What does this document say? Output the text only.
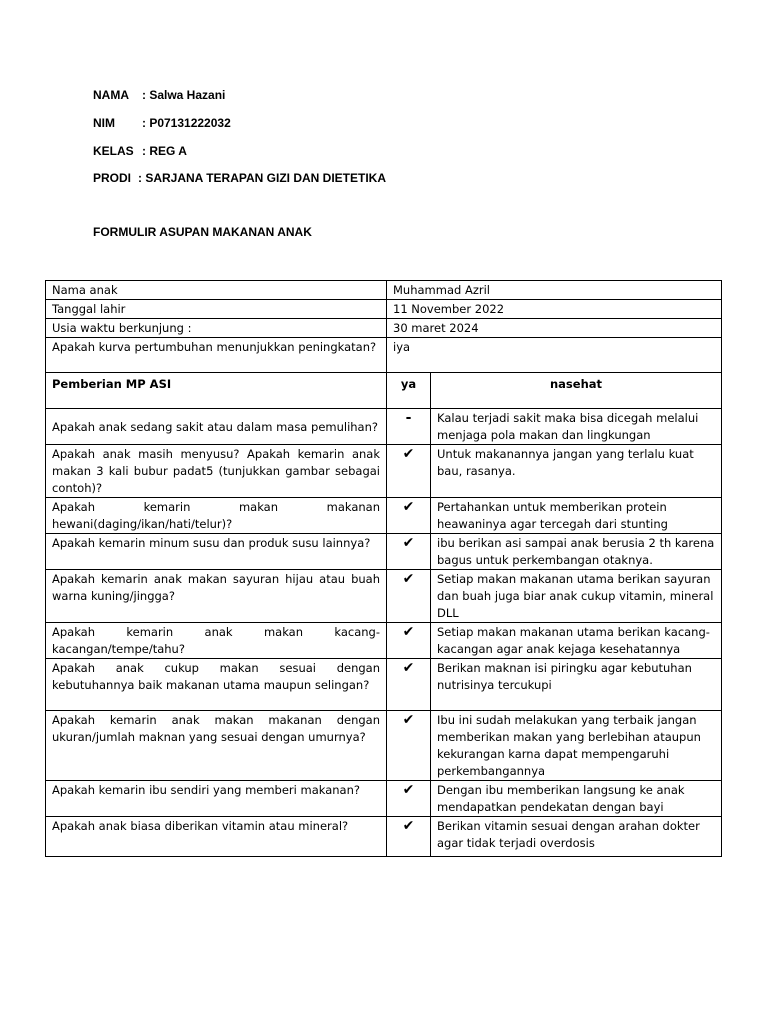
NAMA : Salwa Hazani
NIM : P07131222032
KELAS : REG A
PRODI : SARJANA TERAPAN GIZI DAN DIETETIKA
FORMULIR ASUPAN MAKANAN ANAK
Nama anak	Muhammad Azril	
Tanggal lahir	11 November 2022	
Usia waktu berkunjung :	30 maret 2024	
Apakah kurva pertumbuhan menunjukkan peningkatan?	iya	
Pemberian MP ASI	ya	nasehat
Apakah anak sedang sakit atau dalam masa pemulihan?	-	Kalau terjadi sakit maka bisa dicegah melalui menjaga pola makan dan lingkungan
Apakah anak masih menyusu? Apakah kemarin anak makan 3 kali bubur padat5 (tunjukkan gambar sebagai contoh)?	✔	Untuk makanannya jangan yang terlalu kuat bau, rasanya.
Apakah kemarin makan makanan hewani(daging/ikan/hati/telur)?	✔	Pertahankan untuk memberikan protein heawaninya agar tercegah dari stunting
Apakah kemarin minum susu dan produk susu lainnya?	✔	ibu berikan asi sampai anak berusia 2 th karena bagus untuk perkembangan otaknya.
Apakah kemarin anak makan sayuran hijau atau buah warna kuning/jingga?	✔	Setiap makan makanan utama berikan sayuran dan buah juga biar anak cukup vitamin, mineral DLL
Apakah kemarin anak makan kacang-kacangan/tempe/tahu?	✔	Setiap makan makanan utama berikan kacang-kacangan agar anak kejaga kesehatannya
Apakah anak cukup makan sesuai dengan kebutuhannya baik makanan utama maupun selingan?	✔	Berikan maknan isi piringku agar kebutuhan nutrisinya tercukupi
Apakah kemarin anak makan makanan dengan ukuran/jumlah maknan yang sesuai dengan umurnya?	✔	Ibu ini sudah melakukan yang terbaik jangan memberikan makan yang berlebihan ataupun kekurangan karna dapat mempengaruhi perkembangannya
Apakah kemarin ibu sendiri yang memberi makanan?	✔	Dengan ibu memberikan langsung ke anak mendapatkan pendekatan dengan bayi
Apakah anak biasa diberikan vitamin atau mineral?	✔	Berikan vitamin sesuai dengan arahan dokter agar tidak terjadi overdosis
